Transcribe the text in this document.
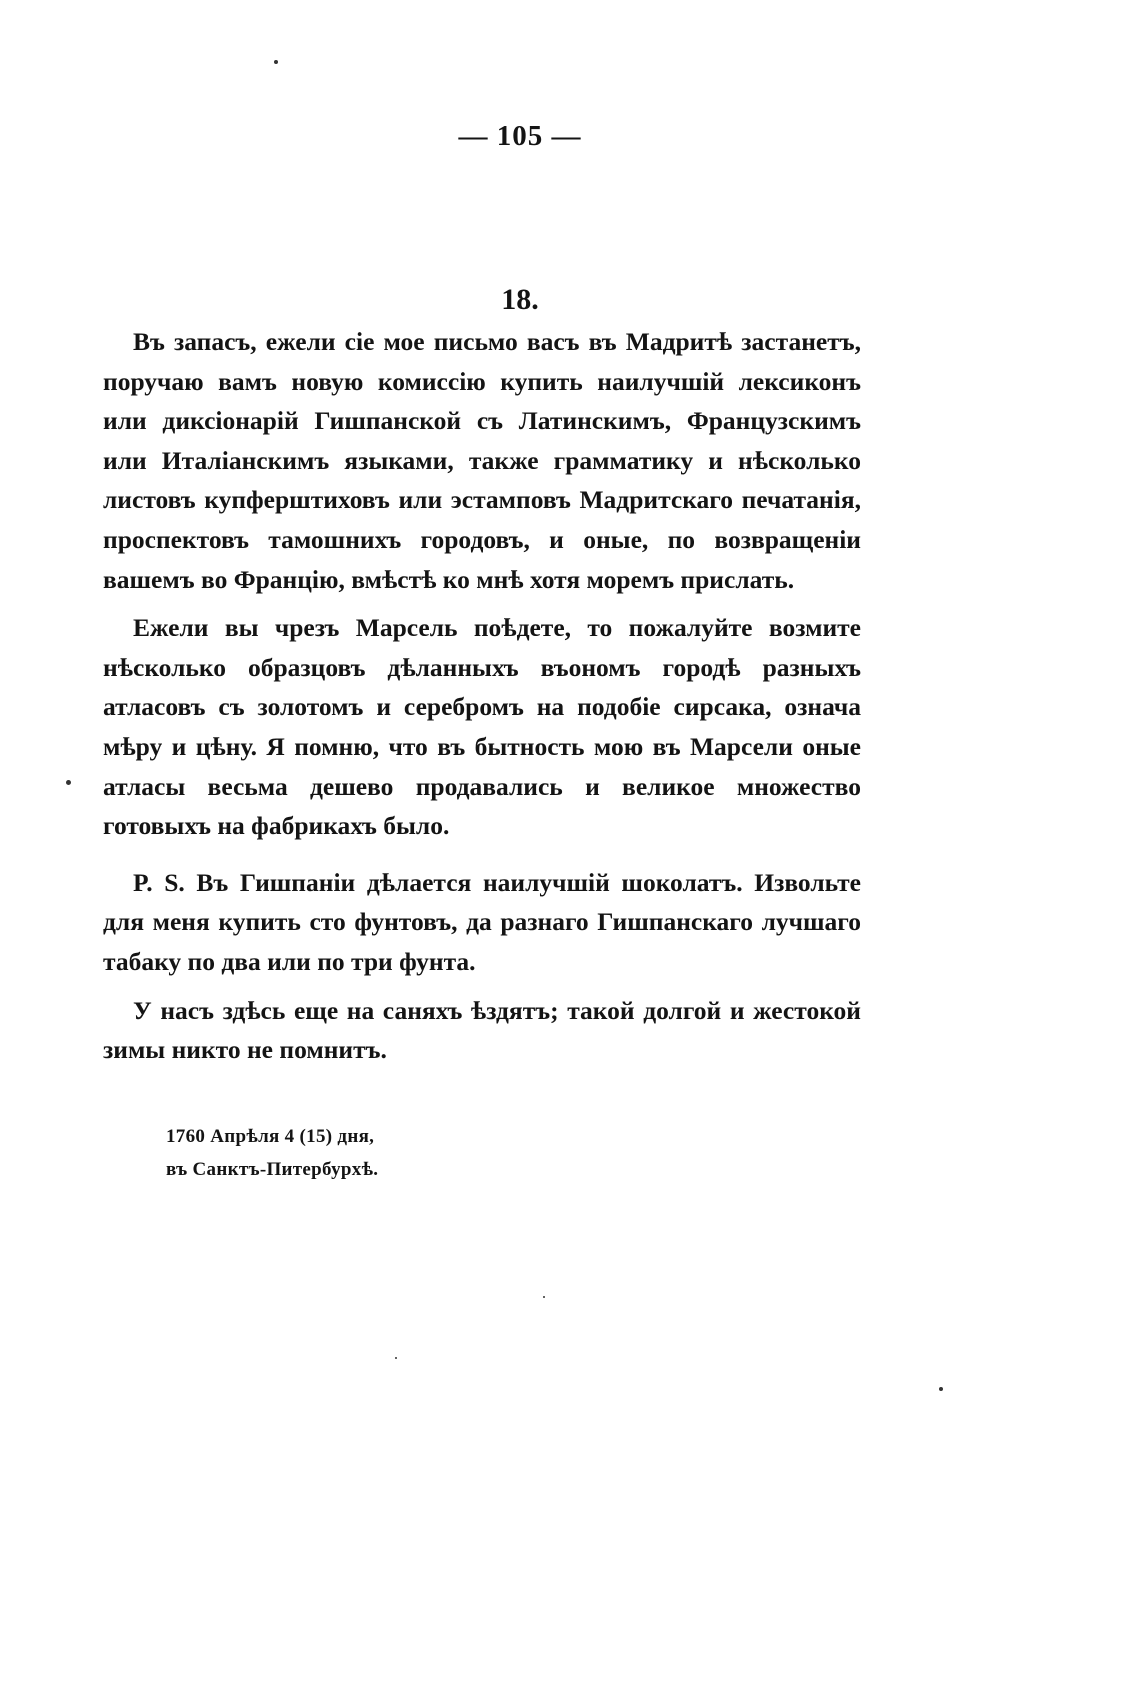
— 105 —
18.

Въ запасъ, ежели сіе мое письмо васъ въ Мадритѣ застанетъ, поручаю вамъ новую комиссію купить наилучшій лексиконъ или диксіонарій Гишпанской съ Латинскимъ, Французскимъ или Италіанскимъ языками, также грамматику и нѣсколько листовъ купферштиховъ или эстамповъ Мадритскаго печатанія, проспектовъ тамошнихъ городовъ, и оные, по возвращеніи вашемъ во Францію, вмѣстѣ ко мнѣ хотя моремъ прислать.

Ежели вы чрезъ Марсель поѣдете, то пожалуйте возмите нѣсколько образцовъ дѣланныхъ въономъ городѣ разныхъ атласовъ съ золотомъ и серебромъ на подобіе сирсака, означа мѣру и цѣну. Я помню, что въ бытность мою въ Марсели оные атласы весьма дешево продавались и великое множество готовыхъ на фабрикахъ было.

P. S. Въ Гишпаніи дѣлается наилучшій шоколатъ. Извольте для меня купить сто фунтовъ, да разнаго Гишпанскаго лучшаго табаку по два или по три фунта.

У насъ здѣсь еще на саняхъ ѣздятъ; такой долгой и жестокой зимы никто не помнитъ.

1760 Апрѣля 4 (15) дня,
въ Санктъ-Питербурхѣ.
